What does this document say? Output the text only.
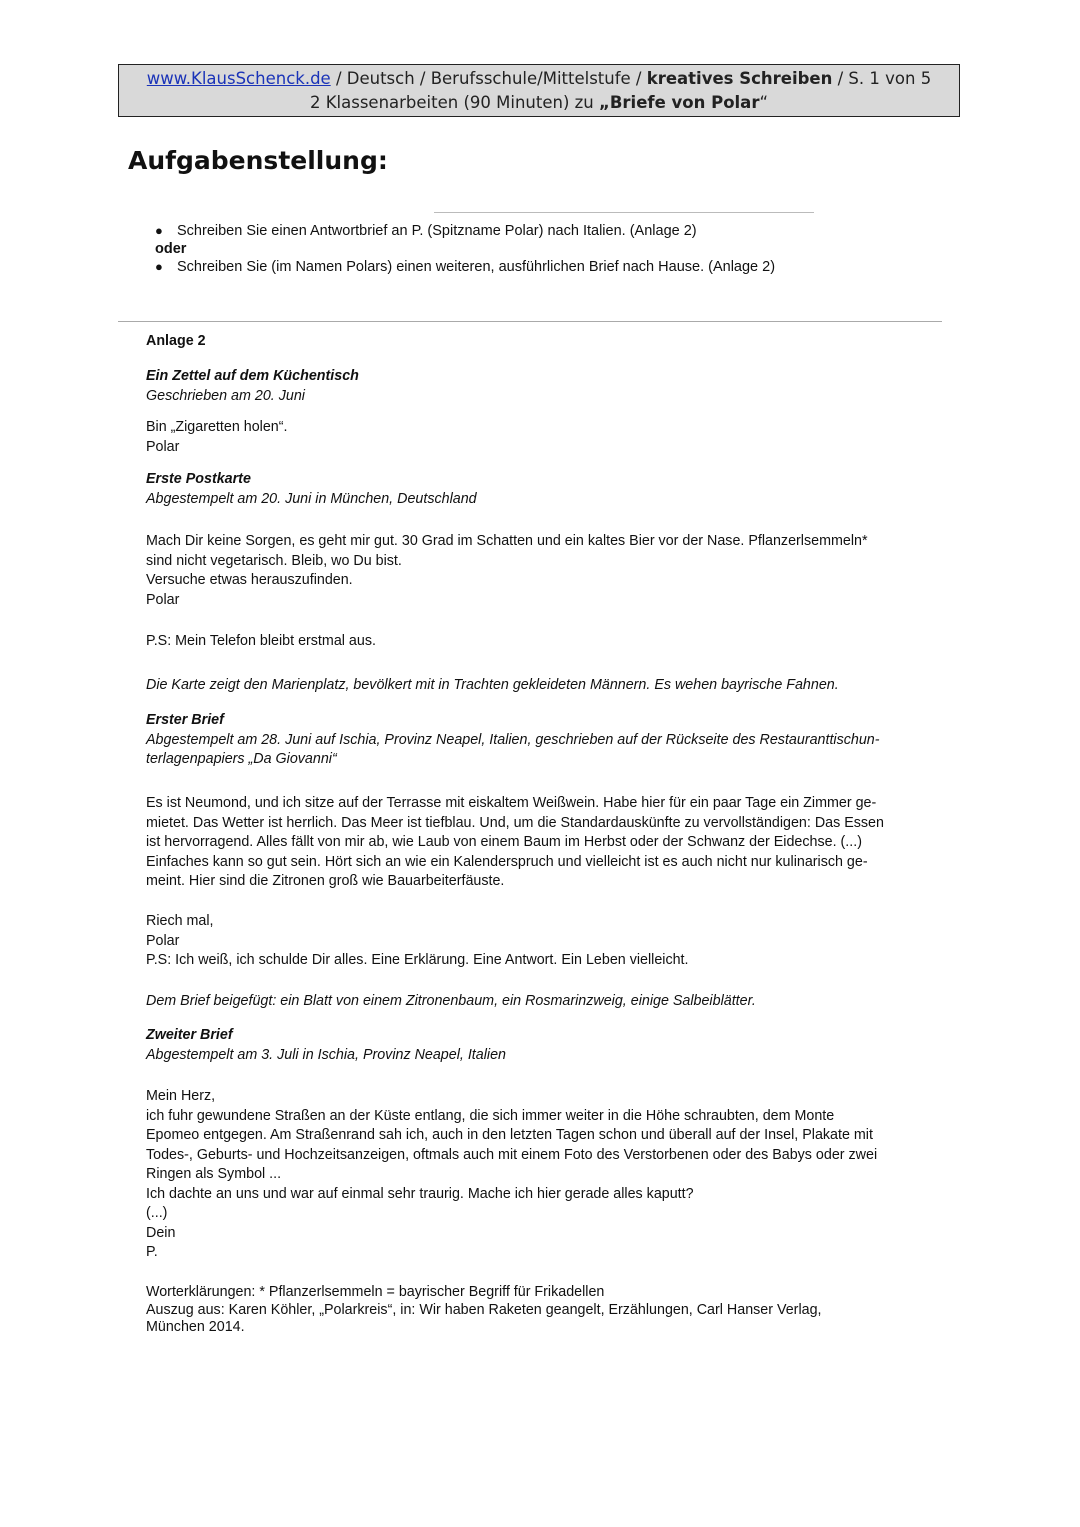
www.KlausSchenck.de / Deutsch / Berufsschule/Mittelstufe / kreatives Schreiben / S. 1 von 5
2 Klassenarbeiten (90 Minuten) zu „Briefe von Polar“
Aufgabenstellung:
● Schreiben Sie einen Antwortbrief an P. (Spitzname Polar) nach Italien. (Anlage 2)
oder
● Schreiben Sie (im Namen Polars) einen weiteren, ausführlichen Brief nach Hause. (Anlage 2)

Anlage 2

Ein Zettel auf dem Küchentisch

Geschrieben am 20. Juni

Bin „Zigaretten holen“.

Polar

Erste Postkarte

Abgestempelt am 20. Juni in München, Deutschland

Mach Dir keine Sorgen, es geht mir gut. 30 Grad im Schatten und ein kaltes Bier vor der Nase. Pflanzerlsemmeln*

sind nicht vegetarisch. Bleib, wo Du bist.

Versuche etwas herauszufinden.

Polar

P.S: Mein Telefon bleibt erstmal aus.

Die Karte zeigt den Marienplatz, bevölkert mit in Trachten gekleideten Männern. Es wehen bayrische Fahnen.

Erster Brief

Abgestempelt am 28. Juni auf Ischia, Provinz Neapel, Italien, geschrieben auf der Rückseite des Restauranttischun-

terlagenpapiers „Da Giovanni“

Es ist Neumond, und ich sitze auf der Terrasse mit eiskaltem Weißwein. Habe hier für ein paar Tage ein Zimmer ge-

mietet. Das Wetter ist herrlich. Das Meer ist tiefblau. Und, um die Standardauskünfte zu vervollständigen: Das Essen

ist hervorragend. Alles fällt von mir ab, wie Laub von einem Baum im Herbst oder der Schwanz der Eidechse. (...)

Einfaches kann so gut sein. Hört sich an wie ein Kalenderspruch und vielleicht ist es auch nicht nur kulinarisch ge-

meint. Hier sind die Zitronen groß wie Bauarbeiterfäuste.

Riech mal,

Polar

P.S: Ich weiß, ich schulde Dir alles. Eine Erklärung. Eine Antwort. Ein Leben vielleicht.

Dem Brief beigefügt: ein Blatt von einem Zitronenbaum, ein Rosmarinzweig, einige Salbeiblätter.

Zweiter Brief

Abgestempelt am 3. Juli in Ischia, Provinz Neapel, Italien

Mein Herz,

ich fuhr gewundene Straßen an der Küste entlang, die sich immer weiter in die Höhe schraubten, dem Monte

Epomeo entgegen. Am Straßenrand sah ich, auch in den letzten Tagen schon und überall auf der Insel, Plakate mit

Todes-, Geburts- und Hochzeitsanzeigen, oftmals auch mit einem Foto des Verstorbenen oder des Babys oder zwei

Ringen als Symbol ...

Ich dachte an uns und war auf einmal sehr traurig. Mache ich hier gerade alles kaputt?

(...)

Dein

P.

Worterklärungen: * Pflanzerlsemmeln = bayrischer Begriff für Frikadellen

Auszug aus: Karen Köhler, „Polarkreis“, in: Wir haben Raketen geangelt, Erzählungen, Carl Hanser Verlag,

München 2014.
